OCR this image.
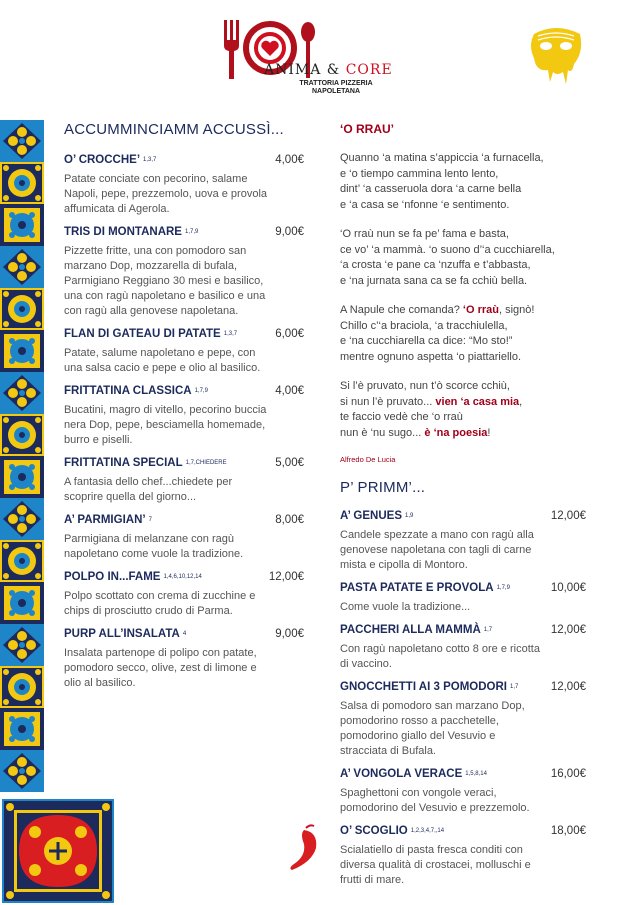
ANIMA & CORE
TRATTORIA PIZZERIA
NAPOLETANA
ACCUMMINCIAMM ACCUSSÌ...
O’ CROCCHE’ $^{1,3,7}$	4,00€
Patate conciate con pecorino, salame Napoli, pepe, prezzemolo, uova e provola affumicata di Agerola.
TRIS DI MONTANARE $^{1,7,9}$	9,00€
Pizzette fritte, una con pomodoro san marzano Dop, mozzarella di bufala, Parmigiano Reggiano 30 mesi e basilico, una con ragù napoletano e basilico e una con ragù alla genovese napoletana.
FLAN DI GATEAU DI PATATE $^{1,3,7}$	6,00€
Patate, salume napoletano e pepe, con una salsa cacio e pepe e olio al basilico.
FRITTATINA CLASSICA $^{1,7,9}$	4,00€
Bucatini, magro di vitello, pecorino buccia nera Dop, pepe, besciamella homemade, burro e piselli.
FRITTATINA SPECIAL $^{1,7,CHIEDERE}$	5,00€
A fantasia dello chef...chiedete per scoprire quella del giorno...
A’ PARMIGIAN’ $^7$	8,00€
Parmigiana di melanzane con ragù napoletano come vuole la tradizione.
POLPO IN...FAME $^{1,4,6,10,12,14}$	12,00€
Polpo scottato con crema di zucchine e chips di prosciutto crudo di Parma.
PURP ALL’INSALATA $^4$	9,00€
Insalata partenope di polipo con patate, pomodoro secco, olive, zest di limone e olio al basilico.
‘O RRAU’
Quanno ‘a matina s’appiccia ‘a furnacella,
e ‘o tiempo cammina lento lento,
dint’ ‘a casseruola dora ‘a carne bella
e ‘a casa se ‘nfonne ‘e sentimento.
‘O rraù nun se fa pe’ fama e basta,
ce vo’ ‘a mammà. ‘o suono d’‘a cucchiarella,
‘a crosta ‘e pane ca ‘nzuffa e t’abbasta,
e ‘na jurnata sana ca se fa cchiù bella.
A Napule che comanda? ‘O rraù, signò!
Chillo c’‘a braciola, ‘a tracchiulella,
e ‘na cucchiarella ca dice: “Mo sto!”
mentre ognuno aspetta ‘o piattariello.
Si l’è pruvato, nun t’ò scorce cchiù,
si nun l’è pruvato... vien ‘a casa mia,
te faccio vedè che ‘o rraù
nun è ‘nu sugo... è ‘na poesia!
Alfredo De Lucia
P’ PRIMM’...
A’ GENUES $^{1,9}$	12,00€
Candele spezzate a mano con ragù alla genovese napoletana con tagli di carne mista e cipolla di Montoro.
PASTA PATATE E PROVOLA $^{1,7,9}$	10,00€
Come vuole la tradizione...
PACCHERI ALLA MAMMÀ $^{1,7}$	12,00€
Con ragù napoletano cotto 8 ore e ricotta di vaccino.
GNOCCHETTI AI 3 POMODORI $^{1,7}$	12,00€
Salsa di pomodoro san marzano Dop, pomodorino rosso a pacchetelle, pomodorino giallo del Vesuvio e stracciata di Bufala.
A’ VONGOLA VERACE $^{1,5,8,14}$	16,00€
Spaghettoni con vongole veraci, pomodorino del Vesuvio e prezzemolo.
O’ SCOGLIO $^{1,2,3,4,7,,14}$	18,00€
Scialatiello di pasta fresca conditi con diversa qualità di crostacei, molluschi e frutti di mare.
